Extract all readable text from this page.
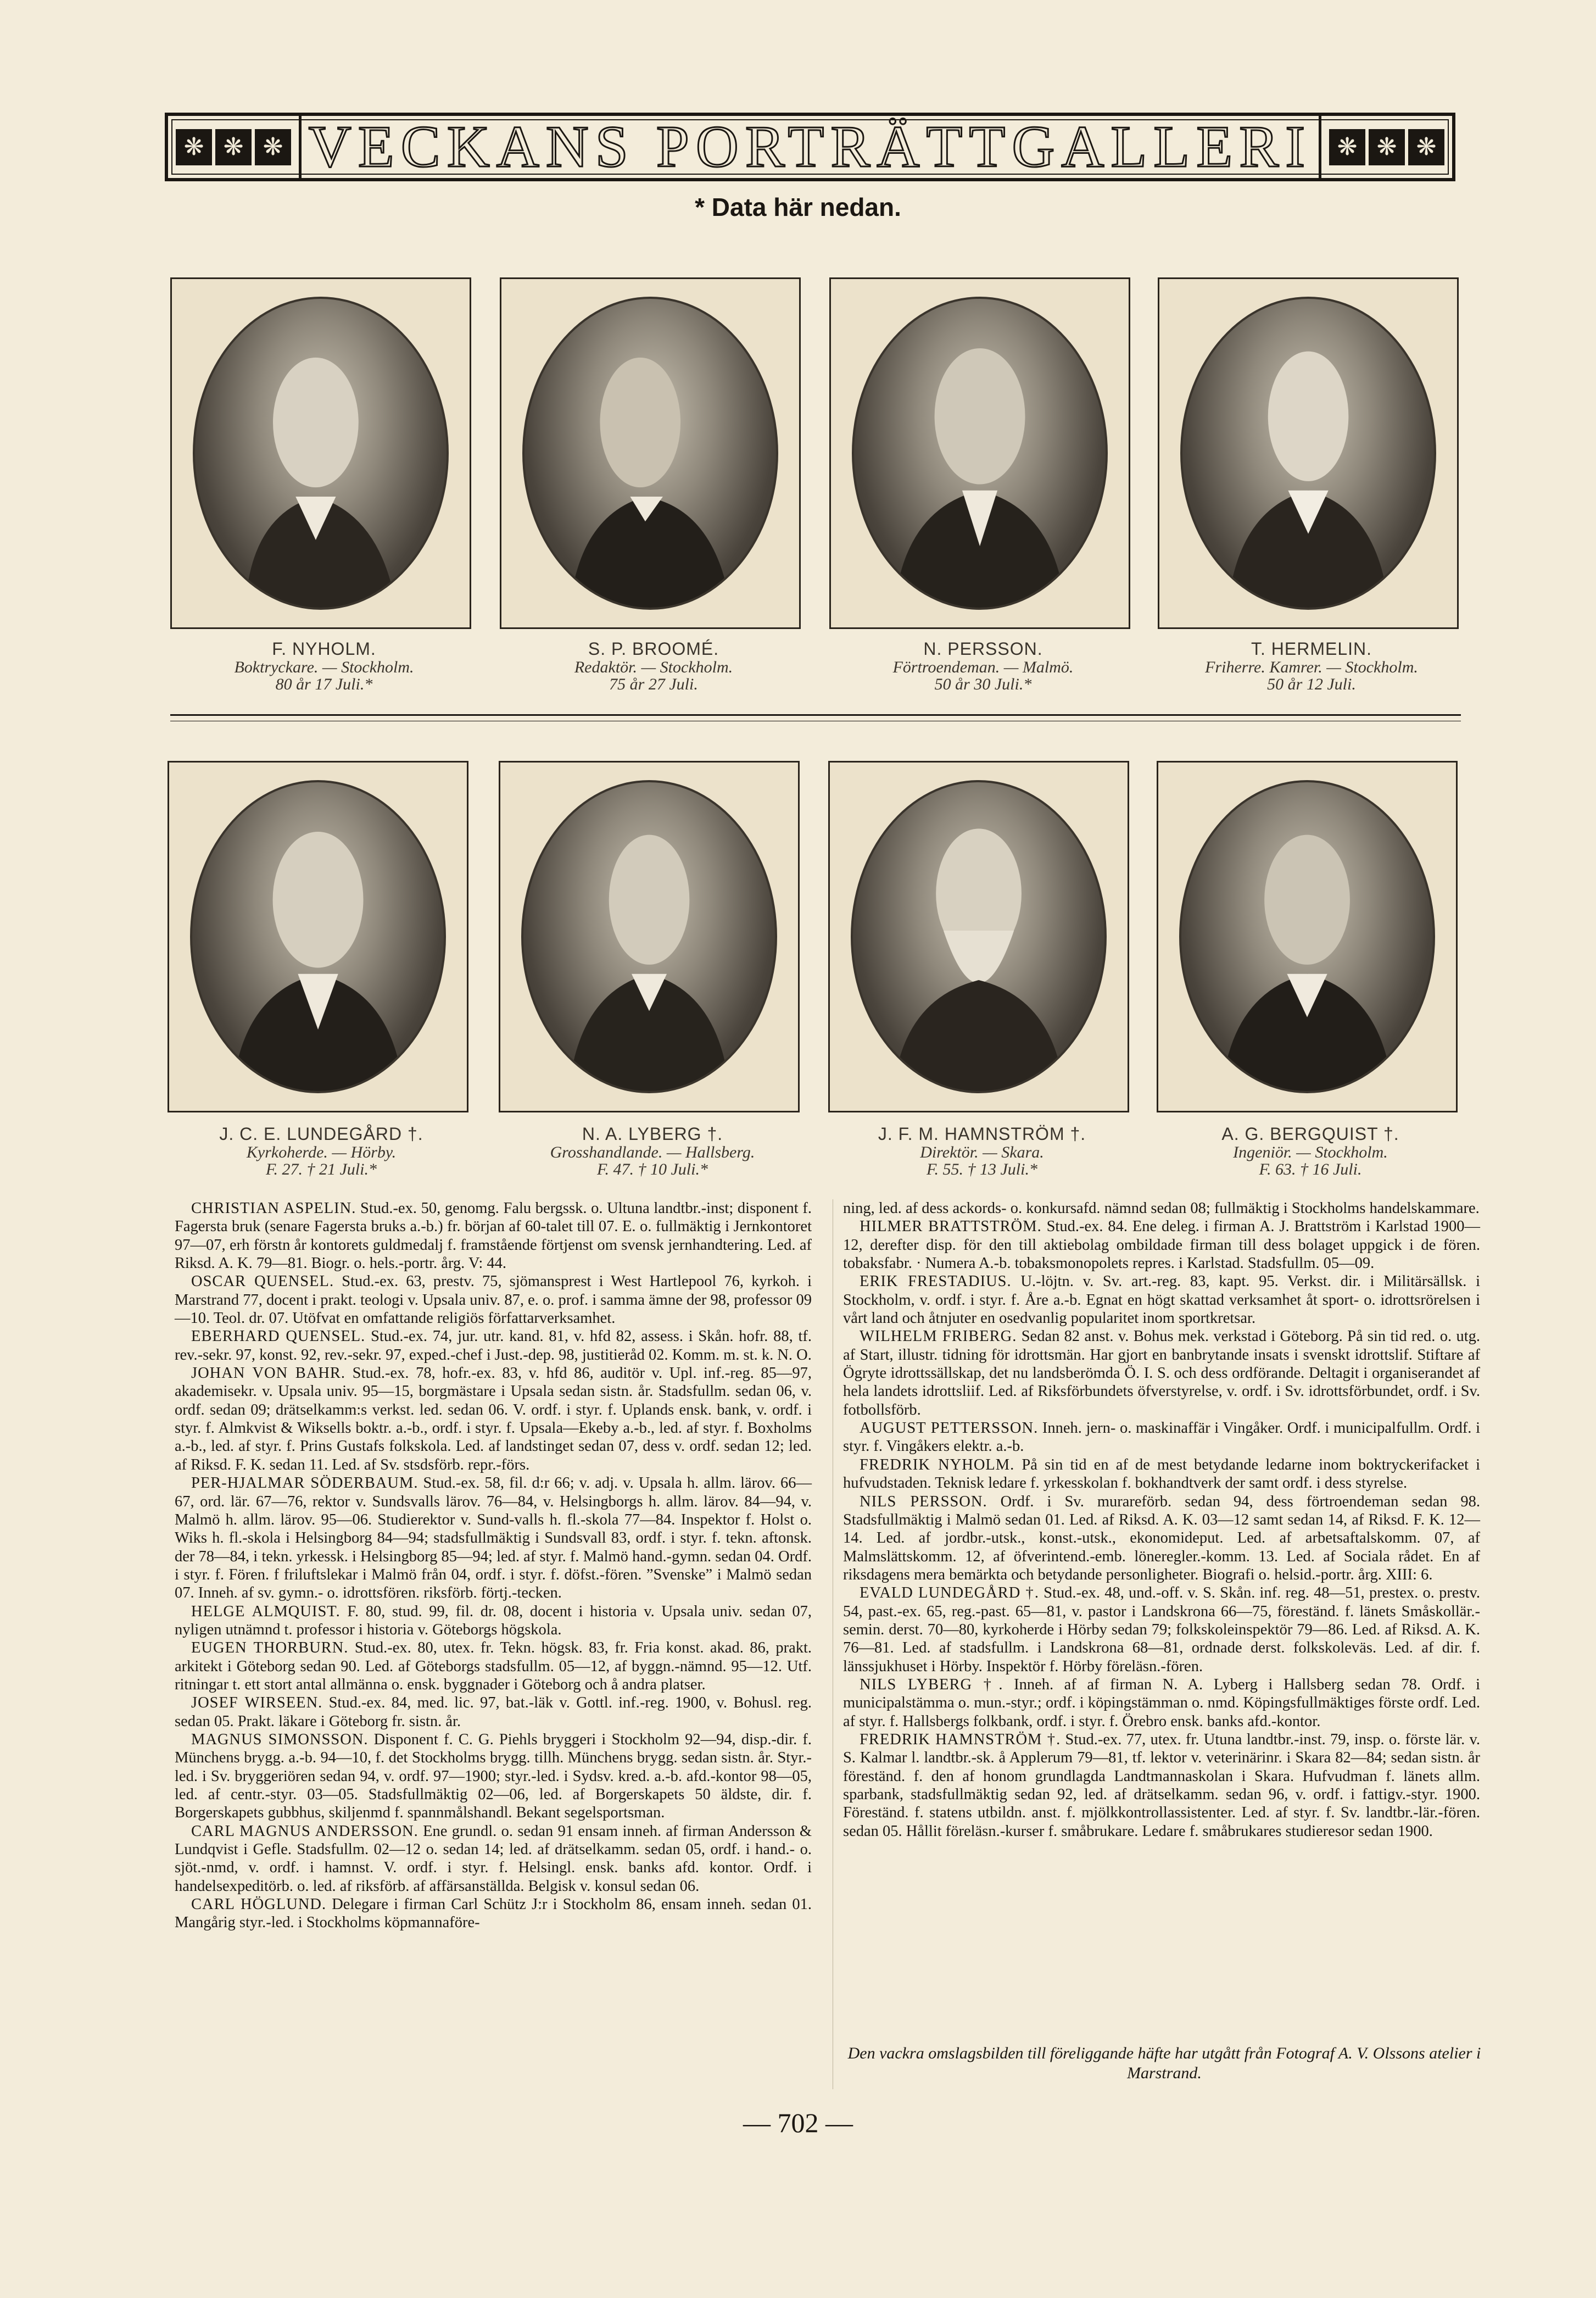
❋ ❋ ❋ VECKANS PORTRÄTTGALLERI	❋ ❋ ❋
* Data här nedan.
F. NYHOLM.
Boktryckare. — Stockholm.
80 år 17 Juli.*
S. P. BROOMÉ.
Redaktör. — Stockholm.
75 år 27 Juli.
N. PERSSON.
Förtroendeman. — Malmö.
50 år 30 Juli.*
T. HERMELIN.
Friherre. Kamrer. — Stockholm.
50 år 12 Juli.
J. C. E. LUNDEGÅRD †.
Kyrkoherde. — Hörby.
F. 27. † 21 Juli.*
N. A. LYBERG †.
Grosshandlande. — Hallsberg.
F. 47. † 10 Juli.*
J. F. M. HAMNSTRÖM †.
Direktör. — Skara.
F. 55. † 13 Juli.*
A. G. BERGQUIST †.
Ingeniör. — Stockholm.
F. 63. † 16 Juli.

CHRISTIAN ASPELIN. Stud.-ex. 50, genomg. Falu bergssk. o. Ultuna landtbr.-inst; disponent f. Fagersta bruk (senare Fagersta bruks a.-b.) fr. början af 60-talet till 07. E. o. fullmäktig i Jernkontoret 97—07, erh förstn år kontorets guldmedalj f. framstående förtjenst om svensk jernhandtering. Led. af Riksd. A. K. 79—81. Biogr. o. hels.-portr. årg. V: 44.

OSCAR QUENSEL. Stud.-ex. 63, prestv. 75, sjömansprest i West Hartlepool 76, kyrkoh. i Marstrand 77, docent i prakt. teologi v. Upsala univ. 87, e. o. prof. i samma ämne der 98, professor 09—10. Teol. dr. 07. Utöfvat en omfattande religiös författarverksamhet.

EBERHARD QUENSEL. Stud.-ex. 74, jur. utr. kand. 81, v. hfd 82, assess. i Skån. hofr. 88, tf. rev.-sekr. 97, konst. 92, rev.-sekr. 97, exped.-chef i Just.-dep. 98, justitieråd 02. Komm. m. st. k. N. O.

JOHAN VON BAHR. Stud.-ex. 78, hofr.-ex. 83, v. hfd 86, auditör v. Upl. inf.-reg. 85—97, akademisekr. v. Upsala univ. 95—15, borgmästare i Upsala sedan sistn. år. Stadsfullm. sedan 06, v. ordf. sedan 09; drätselkamm:s verkst. led. sedan 06. V. ordf. i styr. f. Uplands ensk. bank, v. ordf. i styr. f. Almkvist & Wiksells boktr. a.-b., ordf. i styr. f. Upsala—Ekeby a.-b., led. af styr. f. Boxholms a.-b., led. af styr. f. Prins Gustafs folkskola. Led. af landstinget sedan 07, dess v. ordf. sedan 12; led. af Riksd. F. K. sedan 11. Led. af Sv. stsdsförb. repr.-förs.

PER-HJALMAR SÖDERBAUM. Stud.-ex. 58, fil. d:r 66; v. adj. v. Upsala h. allm. lärov. 66—67, ord. lär. 67—76, rektor v. Sundsvalls lärov. 76—84, v. Helsingborgs h. allm. lärov. 84—94, v. Malmö h. allm. lärov. 95—06. Studierektor v. Sund-valls h. fl.-skola 77—84. Inspektor f. Holst o. Wiks h. fl.-skola i Helsingborg 84—94; stadsfullmäktig i Sundsvall 83, ordf. i styr. f. tekn. aftonsk. der 78—84, i tekn. yrkessk. i Helsingborg 85—94; led. af styr. f. Malmö hand.-gymn. sedan 04. Ordf. i styr. f. Fören. f friluftslekar i Malmö från 04, ordf. i styr. f. döfst.-fören. ”Svenske” i Malmö sedan 07. Inneh. af sv. gymn.- o. idrottsfören. riksförb. förtj.-tecken.

HELGE ALMQUIST. F. 80, stud. 99, fil. dr. 08, docent i historia v. Upsala univ. sedan 07, nyligen utnämnd t. professor i historia v. Göteborgs högskola.

EUGEN THORBURN. Stud.-ex. 80, utex. fr. Tekn. högsk. 83, fr. Fria konst. akad. 86, prakt. arkitekt i Göteborg sedan 90. Led. af Göteborgs stadsfullm. 05—12, af byggn.-nämnd. 95—12. Utf. ritningar t. ett stort antal allmänna o. ensk. byggnader i Göteborg och å andra platser.

JOSEF WIRSEEN. Stud.-ex. 84, med. lic. 97, bat.-läk v. Gottl. inf.-reg. 1900, v. Bohusl. reg. sedan 05. Prakt. läkare i Göteborg fr. sistn. år.

MAGNUS SIMONSSON. Disponent f. C. G. Piehls bryggeri i Stockholm 92—94, disp.-dir. f. Münchens brygg. a.-b. 94—10, f. det Stockholms brygg. tillh. Münchens brygg. sedan sistn. år. Styr.-led. i Sv. bryggeriören sedan 94, v. ordf. 97—1900; styr.-led. i Sydsv. kred. a.-b. afd.-kontor 98—05, led. af centr.-styr. 03—05. Stadsfullmäktig 02—06, led. af Borgerskapets 50 äldste, dir. f. Borgerskapets gubbhus, skiljenmd f. spannmålshandl. Bekant segelsportsman.

CARL MAGNUS ANDERSSON. Ene grundl. o. sedan 91 ensam inneh. af firman Andersson & Lundqvist i Gefle. Stadsfullm. 02—12 o. sedan 14; led. af drätselkamm. sedan 05, ordf. i hand.- o. sjöt.-nmd, v. ordf. i hamnst. V. ordf. i styr. f. Helsingl. ensk. banks afd. kontor. Ordf. i handelsexpeditörb. o. led. af riksförb. af affärsanställda. Belgisk v. konsul sedan 06.

CARL HÖGLUND. Delegare i firman Carl Schütz J:r i Stockholm 86, ensam inneh. sedan 01. Mangårig styr.-led. i Stockholms köpmannaföre-

ning, led. af dess ackords- o. konkursafd. nämnd sedan 08; fullmäktig i Stockholms handelskammare.

HILMER BRATTSTRÖM. Stud.-ex. 84. Ene deleg. i firman A. J. Brattström i Karlstad 1900—12, derefter disp. för den till aktiebolag ombildade firman till dess bolaget uppgick i de fören. tobaksfabr. · Numera A.-b. tobaksmonopolets repres. i Karlstad. Stadsfullm. 05—09.

ERIK FRESTADIUS. U.-löjtn. v. Sv. art.-reg. 83, kapt. 95. Verkst. dir. i Militärsällsk. i Stockholm, v. ordf. i styr. f. Åre a.-b. Egnat en högt skattad verksamhet åt sport- o. idrottsrörelsen i vårt land och åtnjuter en osedvanlig popularitet inom sportkretsar.

WILHELM FRIBERG. Sedan 82 anst. v. Bohus mek. verkstad i Göteborg. På sin tid red. o. utg. af Start, illustr. tidning för idrottsmän. Har gjort en banbrytande insats i svenskt idrottslif. Stiftare af Ögryte idrottssällskap, det nu landsberömda Ö. I. S. och dess ordförande. Deltagit i organiserandet af hela landets idrottsliif. Led. af Riksförbundets öfverstyrelse, v. ordf. i Sv. idrottsförbundet, ordf. i Sv. fotbollsförb.

AUGUST PETTERSSON. Inneh. jern- o. maskinaffär i Vingåker. Ordf. i municipalfullm. Ordf. i styr. f. Vingåkers elektr. a.-b.

FREDRIK NYHOLM. På sin tid en af de mest betydande ledarne inom boktryckerifacket i hufvudstaden. Teknisk ledare f. yrkesskolan f. bokhandtverk der samt ordf. i dess styrelse.

NILS PERSSON. Ordf. i Sv. murareförb. sedan 94, dess förtroendeman sedan 98. Stadsfullmäktig i Malmö sedan 01. Led. af Riksd. A. K. 03—12 samt sedan 14, af Riksd. F. K. 12—14. Led. af jordbr.-utsk., konst.-utsk., ekonomideput. Led. af arbetsaftalskomm. 07, af Malmslättskomm. 12, af öfverintend.-emb. löneregler.-komm. 13. Led. af Sociala rådet. En af riksdagens mera bemärkta och betydande personligheter. Biografi o. helsid.-portr. årg. XIII: 6.

EVALD LUNDEGÅRD †. Stud.-ex. 48, und.-off. v. S. Skån. inf. reg. 48—51, prestex. o. prestv. 54, past.-ex. 65, reg.-past. 65—81, v. pastor i Landskrona 66—75, föreständ. f. länets Småskollär.-semin. derst. 70—80, kyrkoherde i Hörby sedan 79; folkskoleinspektör 79—86. Led. af Riksd. A. K. 76—81. Led. af stadsfullm. i Landskrona 68—81, ordnade derst. folkskoleväs. Led. af dir. f. länssjukhuset i Hörby. Inspektör f. Hörby föreläsn.-fören.

NILS LYBERG †. Inneh. af af firman N. A. Lyberg i Hallsberg sedan 78. Ordf. i municipalstämma o. mun.-styr.; ordf. i köpingstämman o. nmd. Köpingsfullmäktiges förste ordf. Led. af styr. f. Hallsbergs folkbank, ordf. i styr. f. Örebro ensk. banks afd.-kontor.

FREDRIK HAMNSTRÖM †. Stud.-ex. 77, utex. fr. Utuna landtbr.-inst. 79, insp. o. förste lär. v. S. Kalmar l. landtbr.-sk. å Applerum 79—81, tf. lektor v. veterinärinr. i Skara 82—84; sedan sistn. år föreständ. f. den af honom grundlagda Landtmannaskolan i Skara. Hufvudman f. länets allm. sparbank, stadsfullmäktig sedan 92, led. af drätselkamm. sedan 96, v. ordf. i fattigv.-styr. 1900. Föreständ. f. statens utbildn. anst. f. mjölkkontrollassistenter. Led. af styr. f. Sv. landtbr.-lär.-fören. sedan 05. Hållit föreläsn.-kurser f. småbrukare. Ledare f. småbrukares studieresor sedan 1900.

Den vackra omslagsbilden till föreliggande häfte har utgått från Fotograf A. V. Olssons atelier i Marstrand.
— 702 —
